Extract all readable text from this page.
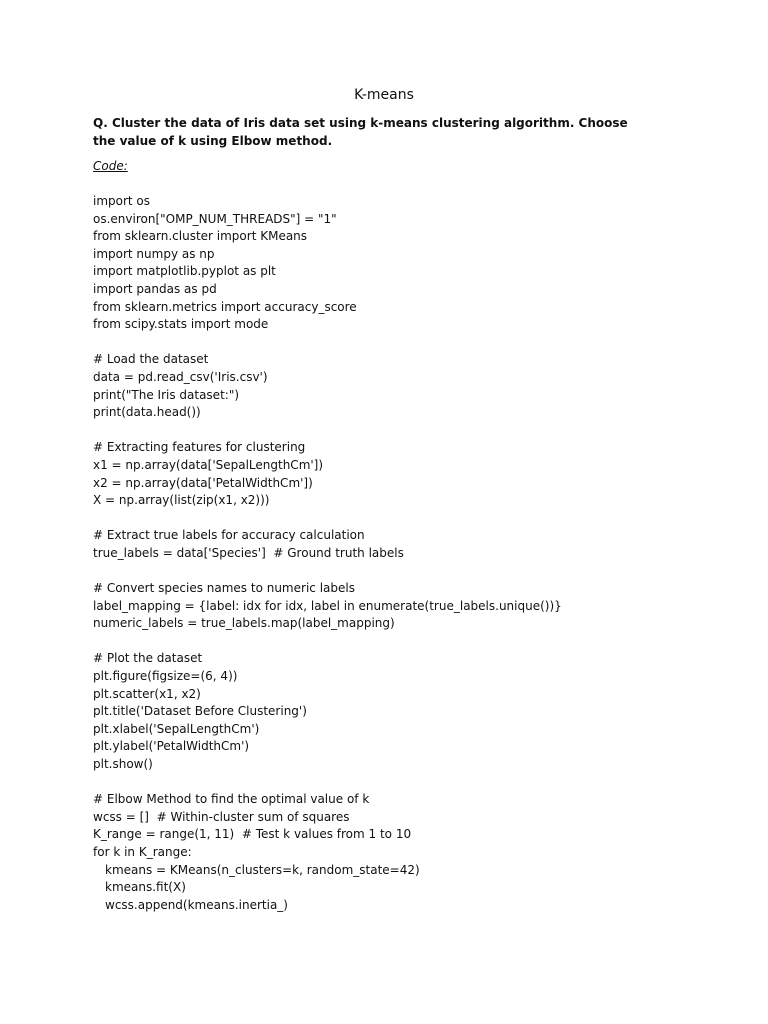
K-means
Q. Cluster the data of Iris data set using k-means clustering algorithm. Choose the value of k using Elbow method.
Code:
import os
os.environ["OMP_NUM_THREADS"] = "1"
from sklearn.cluster import KMeans
import numpy as np
import matplotlib.pyplot as plt
import pandas as pd
from sklearn.metrics import accuracy_score
from scipy.stats import mode
# Load the dataset
data = pd.read_csv('Iris.csv')
print("The Iris dataset:")
print(data.head())
# Extracting features for clustering
x1 = np.array(data['SepalLengthCm'])
x2 = np.array(data['PetalWidthCm'])
X = np.array(list(zip(x1, x2)))
# Extract true labels for accuracy calculation
true_labels = data['Species']  # Ground truth labels
# Convert species names to numeric labels
label_mapping = {label: idx for idx, label in enumerate(true_labels.unique())}
numeric_labels = true_labels.map(label_mapping)
# Plot the dataset
plt.figure(figsize=(6, 4))
plt.scatter(x1, x2)
plt.title('Dataset Before Clustering')
plt.xlabel('SepalLengthCm')
plt.ylabel('PetalWidthCm')
plt.show()
# Elbow Method to find the optimal value of k
wcss = []  # Within-cluster sum of squares
K_range = range(1, 11)  # Test k values from 1 to 10
for k in K_range:
kmeans = KMeans(n_clusters=k, random_state=42)
kmeans.fit(X)
wcss.append(kmeans.inertia_)
